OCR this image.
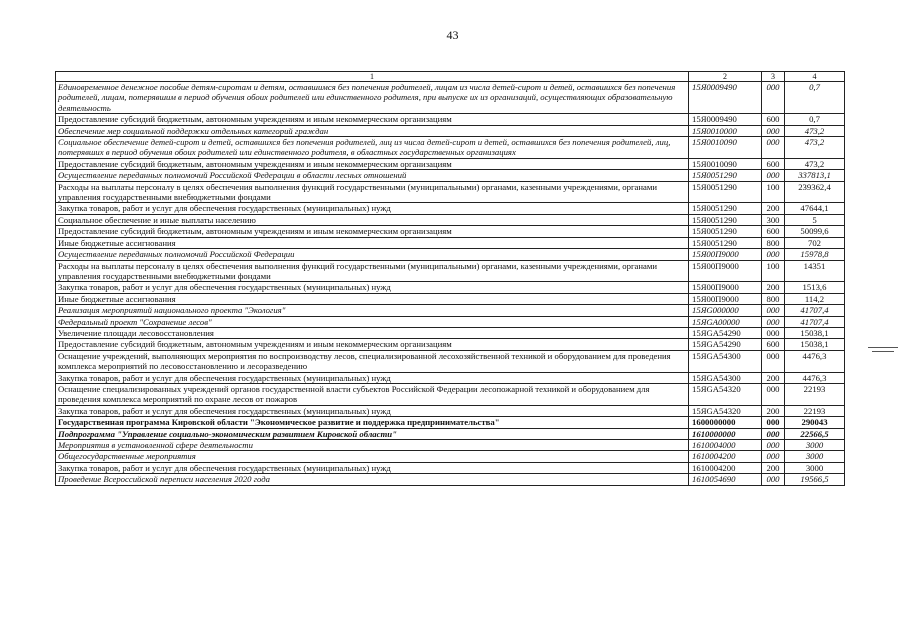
43
1	2	3	4
Единовременное денежное пособие детям-сиротам и детям, оставшимся без попечения родителей, лицам из числа детей-сирот и детей, оставшихся без попечения родителей, лицам, потерявшим в период обучения обоих родителей или единственного родителя, при выпуске их из организаций, осуществляющих образовательную деятельность	15Я0009490	000	0,7
Предоставление субсидий бюджетным, автономным учреждениям и иным некоммерческим организациям	15Я0009490	600	0,7
Обеспечение мер социальной поддержки отдельных категорий граждан	15Я0010000	000	473,2
Социальное обеспечение детей-сирот и детей, оставшихся без попечения родителей, лиц из числа детей-сирот и детей, оставшихся без попечения родителей, лиц, потерявших в период обучения обоих родителей или единственного родителя, в областных государственных организациях	15Я0010090	000	473,2
Предоставление субсидий бюджетным, автономным учреждениям и иным некоммерческим организациям	15Я0010090	600	473,2
Осуществление переданных полномочий Российской Федерации в области лесных отношений	15Я0051290	000	337813,1
Расходы на выплаты персоналу в целях обеспечения выполнения функций государственными (муниципальными) органами, казенными учреждениями, органами управления государственными внебюджетными фондами	15Я0051290	100	239362,4
Закупка товаров, работ и услуг для обеспечения государственных (муниципальных) нужд	15Я0051290	200	47644,1
Социальное обеспечение и иные выплаты населению	15Я0051290	300	5
Предоставление субсидий бюджетным, автономным учреждениям и иным некоммерческим организациям	15Я0051290	600	50099,6
Иные бюджетные ассигнования	15Я0051290	800	702
Осуществление переданных полномочий Российской Федерации	15Я00П9000	000	15978,8
Расходы на выплаты персоналу в целях обеспечения выполнения функций государственными (муниципальными) органами, казенными учреждениями, органами управления государственными внебюджетными фондами	15Я00П9000	100	14351
Закупка товаров, работ и услуг для обеспечения государственных (муниципальных) нужд	15Я00П9000	200	1513,6
Иные бюджетные ассигнования	15Я00П9000	800	114,2
Реализация мероприятий национального проекта "Экология"	15ЯG000000	000	41707,4
Федеральный проект "Сохранение лесов"	15ЯGA00000	000	41707,4
Увеличение площади лесовосстановления	15ЯGA54290	000	15038,1
Предоставление субсидий бюджетным, автономным учреждениям и иным некоммерческим организациям	15ЯGA54290	600	15038,1
Оснащение учреждений, выполняющих мероприятия по воспроизводству лесов, специализированной лесохозяйственной техникой и оборудованием для проведения комплекса мероприятий по лесовосстановлению и лесоразведению	15ЯGA54300	000	4476,3
Закупка товаров, работ и услуг для обеспечения государственных (муниципальных) нужд	15ЯGA54300	200	4476,3
Оснащение специализированных учреждений органов государственной власти субъектов Российской Федерации лесопожарной техникой и оборудованием для проведения комплекса мероприятий по охране лесов от пожаров	15ЯGA54320	000	22193
Закупка товаров, работ и услуг для обеспечения государственных (муниципальных) нужд	15ЯGA54320	200	22193
Государственная программа Кировской области "Экономическое развитие и поддержка предпринимательства"	1600000000	000	290043
Подпрограмма "Управление социально-экономическим развитием Кировской области"	1610000000	000	22566,5
Мероприятия в установленной сфере деятельности	1610004000	000	3000
Общегосударственные мероприятия	1610004200	000	3000
Закупка товаров, работ и услуг для обеспечения государственных (муниципальных) нужд	1610004200	200	3000
Проведение Всероссийской переписи населения 2020 года	1610054690	000	19566,5
